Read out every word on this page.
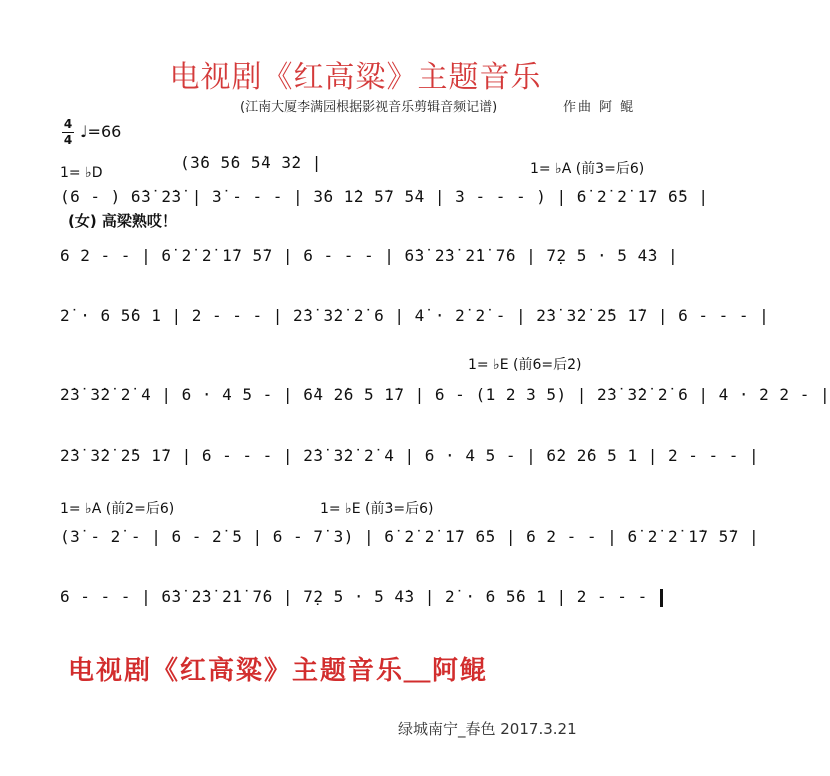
电视剧《红高粱》主题音乐
(江南大厦李满园根据影视音乐剪辑音频记谱)	作曲 阿 鲲
4
4 ♩=66
1= ♭D
(3̇6 5̇6 5̇4 3̇2 |	1= ♭A (前3=后6)
(6 - ) 6̇3̇ 2̇3̇ | 3̇ - - - | 3̇6 1̇2 5̇7 5̇4 | 3 - - - ) | 6̇ 2̇ 2̇ 1̇7 6̇5 |
(女) 高梁熟哎！
6 2 - - | 6̇ 2̇ 2̇ 1̇7 5̇7 | 6 - - - | 6̇3̇ 2̇3̇ 2̇1̇ 7̇6 | 7̣2 5 · 5 4̇3 |
2̇ · 6 5̇6 1 | 2 - - - | 2̇3̇ 3̇2̇ 2̇ 6 | 4̇ · 2̇ 2̇ - | 2̇3̇ 3̇2̇ 2̇5 1̇7 | 6 - - - |
1= ♭E (前6=后2̇)
2̇3̇ 3̇2̇ 2̇ 4 | 6 · 4 5 - | 6̇4 2̇6 5 1̇7 | 6 - (1 2 3 5) | 2̇3̇ 3̇2̇ 2̇ 6 | 4 · 2 2 - |
2̇3̇ 3̇2̇ 2̇5 1̇7 | 6 - - - | 2̇3̇ 3̇2̇ 2̇ 4 | 6 · 4 5 - | 6̇2 2̇6 5 1 | 2 - - - |
1= ♭A (前2=后6)	1= ♭E (前3̇=后6)
(3̇ - 2̇ - | 6 - 2̇ 5 | 6 - 7̇ 3) | 6̇ 2̇ 2̇ 1̇7 6̇5 | 6 2 - - | 6̇ 2̇ 2̇ 1̇7 5̇7 |
6 - - - | 6̇3̇ 2̇3̇ 2̇1̇ 7̇6 | 7̣2 5 · 5 4̇3 | 2̇ · 6 5̇6 1 | 2 - - -
电视剧《红高粱》主题音乐＿阿鲲
绿城南宁_春色 2017.3.21
